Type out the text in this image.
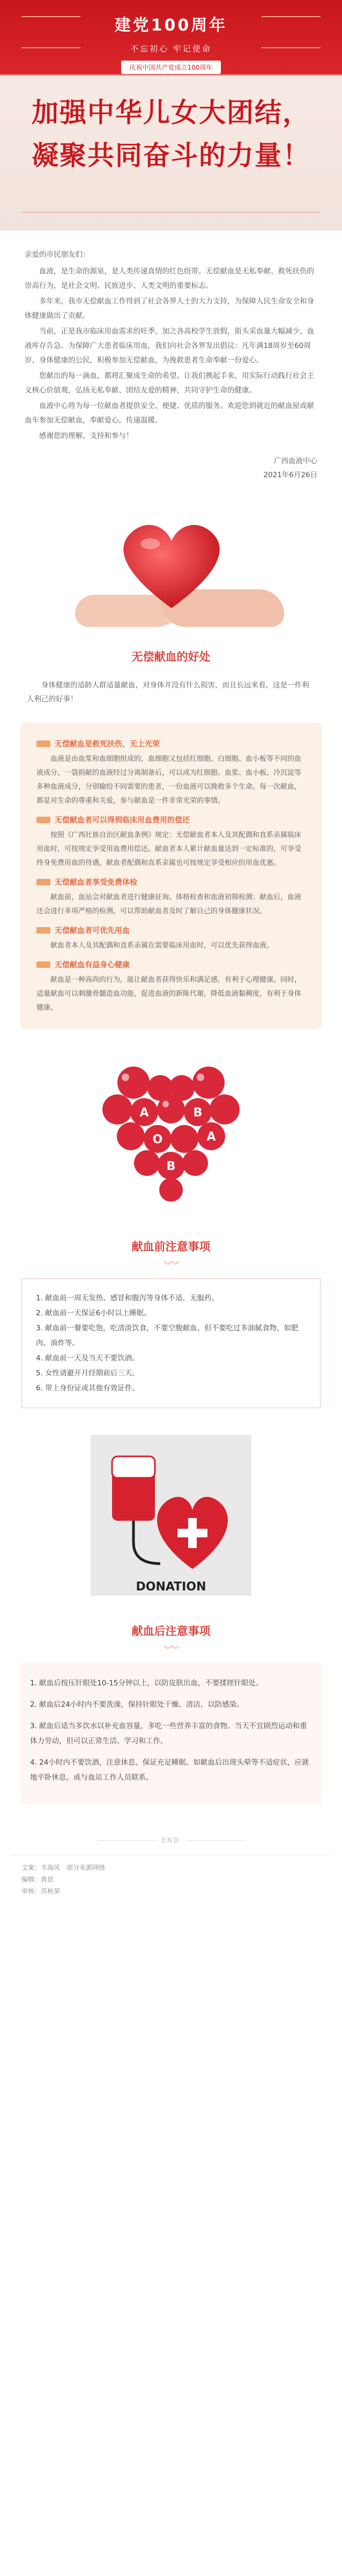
建党100周年
不忘初心 牢记使命
庆祝中国共产党成立100周年
加强中华儿女大团结，
凝聚共同奋斗的力量！

亲爱的市民朋友们：

血液，是生命的源泉，是人类传递真情的红色纽带。无偿献血是无私奉献、救死扶伤的崇高行为，是社会文明、民族进步、人类文明的重要标志。

多年来，我市无偿献血工作得到了社会各界人士的大力支持，为保障人民生命安全和身体健康做出了贡献。

当前，正是我市临床用血需求的旺季，加之各高校学生放假，街头采血量大幅减少，血液库存告急。为保障广大患者临床用血，我们向社会各界发出倡议：凡年满18周岁至60周岁、身体健康的公民，积极参加无偿献血，为挽救患者生命奉献一份爱心。

您献出的每一滴血，都将汇聚成生命的希望。让我们携起手来，用实际行动践行社会主义核心价值观，弘扬无私奉献、团结友爱的精神，共同守护生命的健康。

血液中心将为每一位献血者提供安全、便捷、优质的服务。欢迎您到就近的献血屋或献血车参加无偿献血，奉献爱心，传递温暖。

感谢您的理解、支持和参与！

广西血液中心
2021年6月26日
无偿献血的好处

身体健康的适龄人群适量献血，对身体并没有什么损害，而且长远来看，这是一件利人利己的好事！

无偿献血是救死扶伤，无上光荣

血液是由血浆和血细胞组成的，血细胞又包括红细胞、白细胞、血小板等不同的血液成分。一袋捐献的血液经过分离制备后，可以成为红细胞、血浆、血小板、冷沉淀等多种血液成分，分别输给不同需要的患者，一份血液可以挽救多个生命。每一次献血，都是对生命的尊重和关爱，参与献血是一件非常光荣的事情。

无偿献血者可以得到临床用血费用的偿还

按照《广西壮族自治区献血条例》规定：无偿献血者本人及其配偶和直系亲属临床用血时，可按规定享受用血费用偿还。献血者本人累计献血量达到一定标准的，可享受终身免费用血的待遇，献血者配偶和直系亲属也可按规定享受相应的用血优惠。

无偿献血者享受免费体检

献血前，血站会对献血者进行健康征询、体格检查和血液初筛检测；献血后，血液还会进行多项严格的检测，可以帮助献血者及时了解自己的身体健康状况。

无偿献血者可优先用血

献血者本人及其配偶和直系亲属在需要临床用血时，可以优先获得血液。

无偿献血有益身心健康

献血是一种高尚的行为，能让献血者获得快乐和满足感，有利于心理健康。同时，适量献血可以刺激骨髓造血功能，促进血液的新陈代谢，降低血液黏稠度，有利于身体健康。

A	B
O	A
B
献血前注意事项
︾︾
1. 献血前一周无发热、感冒和腹泻等身体不适，无服药。
2. 献血前一天保证6小时以上睡眠。
3. 献血前一餐要吃饱，吃清淡饮食，不要空腹献血，但不要吃过多油腻食物，如肥肉、油炸等。
4. 献血前一天及当天不要饮酒。
5. 女性请避开月经期前后三天。
6. 带上身份证或其他有效证件。
DONATION
献血后注意事项
︾︾

1. 献血后按压针眼处10-15分钟以上，以防皮肤出血，不要揉搓针眼处。

2. 献血后24小时内不要洗澡，保持针眼处干燥、清洁，以防感染。

3. 献血后适当多饮水以补充血容量，多吃一些营养丰富的食物。当天不宜剧烈运动和重体力劳动，但可以正常生活、学习和工作。

4. 24小时内不要饮酒，注意休息，保证充足睡眠。如献血后出现头晕等不适症状，应就地平卧休息，或与血站工作人员联系。

————— END —————
文案：韦海凤　部分来源网络
编辑：黄思
审核：苏秋荣
